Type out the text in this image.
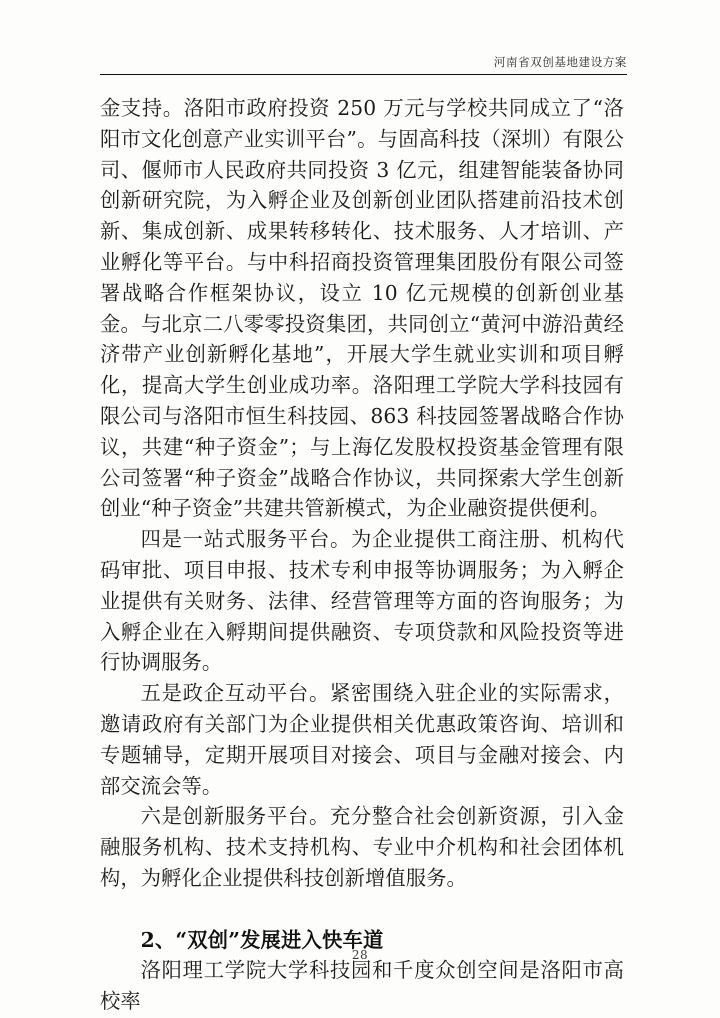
河南省双创基地建设方案

金支持。洛阳市政府投资 250 万元与学校共同成立了“洛阳市文化创意产业实训平台”。与固高科技（深圳）有限公司、偃师市人民政府共同投资 3 亿元，组建智能装备协同创新研究院，为入孵企业及创新创业团队搭建前沿技术创新、集成创新、成果转移转化、技术服务、人才培训、产业孵化等平台。与中科招商投资管理集团股份有限公司签署战略合作框架协议，设立 10 亿元规模的创新创业基金。与北京二八零零投资集团，共同创立“黄河中游沿黄经济带产业创新孵化基地”，开展大学生就业实训和项目孵化，提高大学生创业成功率。洛阳理工学院大学科技园有限公司与洛阳市恒生科技园、863 科技园签署战略合作协议，共建“种子资金”；与上海亿发股权投资基金管理有限公司签署“种子资金”战略合作协议，共同探索大学生创新创业“种子资金”共建共管新模式，为企业融资提供便利。

四是一站式服务平台。为企业提供工商注册、机构代码审批、项目申报、技术专利申报等协调服务；为入孵企业提供有关财务、法律、经营管理等方面的咨询服务；为入孵企业在入孵期间提供融资、专项贷款和风险投资等进行协调服务。

五是政企互动平台。紧密围绕入驻企业的实际需求，邀请政府有关部门为企业提供相关优惠政策咨询、培训和专题辅导，定期开展项目对接会、项目与金融对接会、内部交流会等。

六是创新服务平台。充分整合社会创新资源，引入金融服务机构、技术支持机构、专业中介机构和社会团体机构，为孵化企业提供科技创新增值服务。

2、“双创”发展进入快车道

洛阳理工学院大学科技园和千度众创空间是洛阳市高校率

28
